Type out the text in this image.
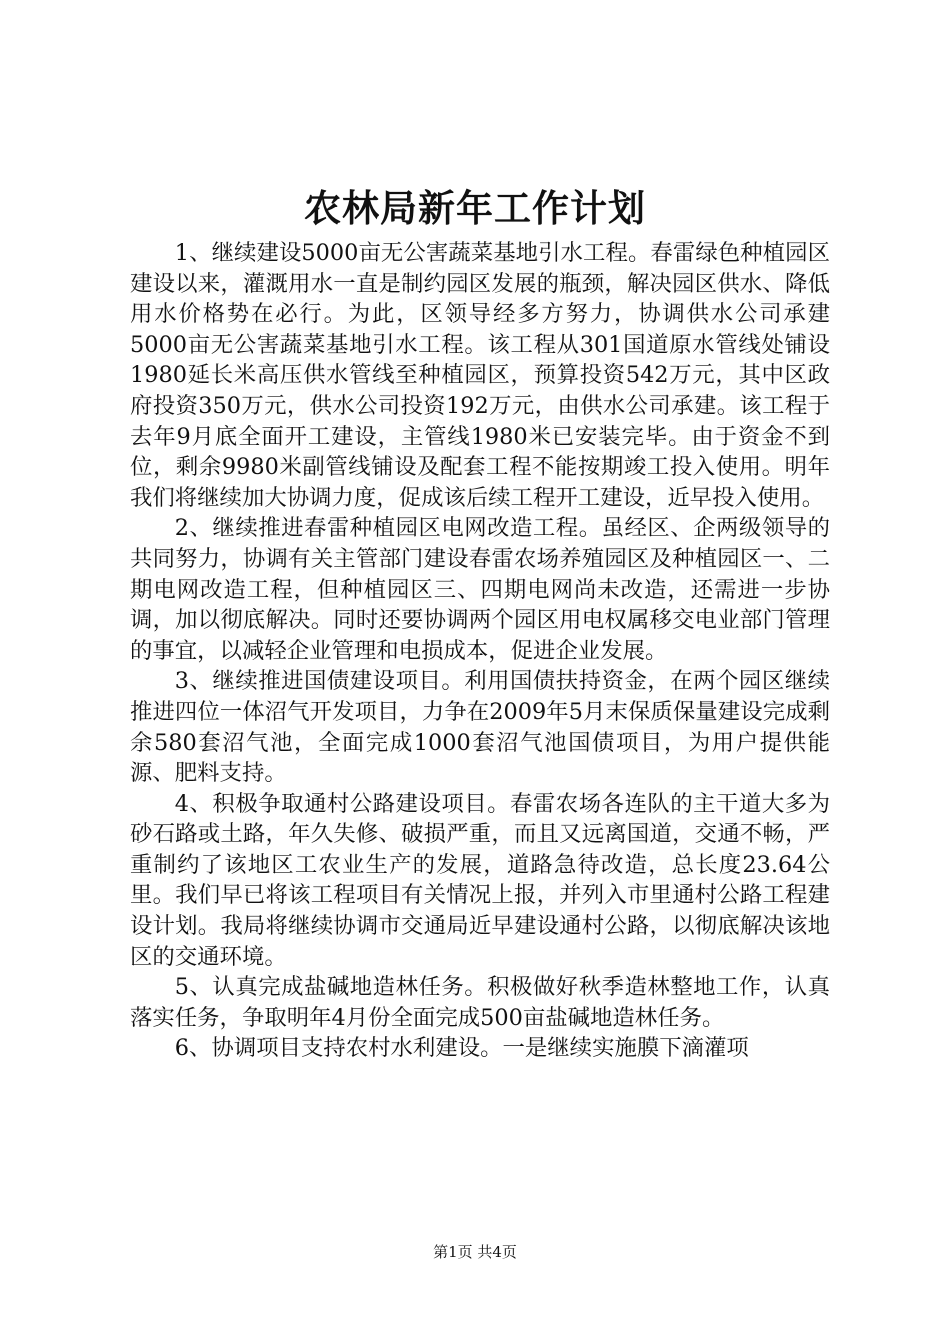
农林局新年工作计划

1、继续建设5000亩无公害蔬菜基地引水工程。春雷绿色种植园区建设以来，灌溉用水一直是制约园区发展的瓶颈，解决园区供水、降低用水价格势在必行。为此，区领导经多方努力，协调供水公司承建5000亩无公害蔬菜基地引水工程。该工程从301国道原水管线处铺设1980延长米高压供水管线至种植园区，预算投资542万元，其中区政府投资350万元，供水公司投资192万元，由供水公司承建。该工程于去年9月底全面开工建设，主管线1980米已安装完毕。由于资金不到位，剩余9980米副管线铺设及配套工程不能按期竣工投入使用。明年我们将继续加大协调力度，促成该后续工程开工建设，近早投入使用。

2、继续推进春雷种植园区电网改造工程。虽经区、企两级领导的共同努力，协调有关主管部门建设春雷农场养殖园区及种植园区一、二期电网改造工程，但种植园区三、四期电网尚未改造，还需进一步协调，加以彻底解决。同时还要协调两个园区用电权属移交电业部门管理的事宜，以减轻企业管理和电损成本，促进企业发展。

3、继续推进国债建设项目。利用国债扶持资金，在两个园区继续推进四位一体沼气开发项目，力争在2009年5月末保质保量建设完成剩余580套沼气池，全面完成1000套沼气池国债项目，为用户提供能源、肥料支持。

4、积极争取通村公路建设项目。春雷农场各连队的主干道大多为砂石路或土路，年久失修、破损严重，而且又远离国道，交通不畅，严重制约了该地区工农业生产的发展，道路急待改造，总长度23.64公里。我们早已将该工程项目有关情况上报，并列入市里通村公路工程建设计划。我局将继续协调市交通局近早建设通村公路，以彻底解决该地区的交通环境。

5、认真完成盐碱地造林任务。积极做好秋季造林整地工作，认真落实任务，争取明年4月份全面完成500亩盐碱地造林任务。

6、协调项目支持农村水利建设。一是继续实施膜下滴灌项

第1页 共4页
